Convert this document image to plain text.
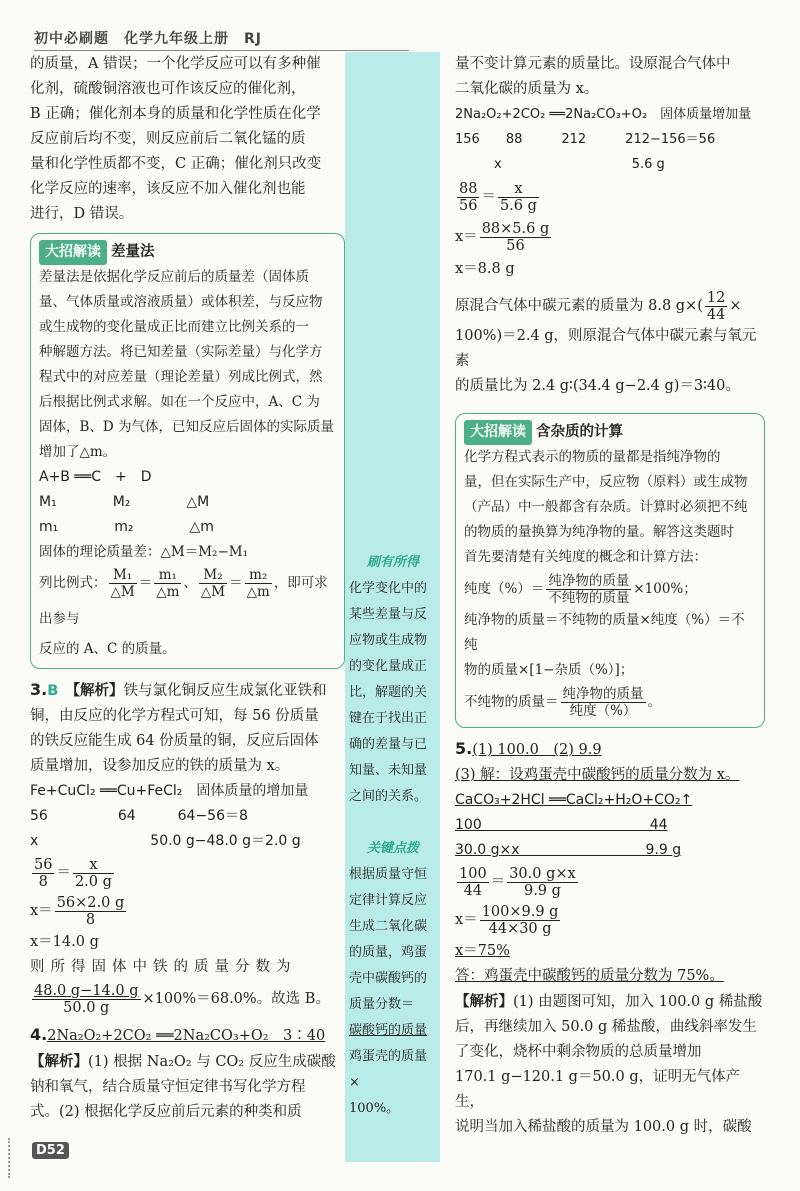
初中必刷题　化学九年级上册　RJ

的质量，A 错误；一个化学反应可以有多种催

化剂，硫酸铜溶液也可作该反应的催化剂，

B 正确；催化剂本身的质量和化学性质在化学

反应前后均不变，则反应前后二氧化锰的质

量和化学性质都不变，C 正确；催化剂只改变

化学反应的速率，该反应不加入催化剂也能

进行，D 错误。

大招解读 差量法

差量法是依据化学反应前后的质量差（固体质

量、气体质量或溶液质量）或体积差，与反应物

或生成物的变化量成正比而建立比例关系的一

种解题方法。将已知差量（实际差量）与化学方

程式中的对应差量（理论差量）列成比例式，然

后根据比例式求解。如在一个反应中，A、C 为

固体，B、D 为气体，已知反应后固体的实际质量

增加了△m。

A+B ══C　+　D

M₁　　　　M₂　　　　△M

m₁　　　　m₂　　　　△m

固体的理论质量差：△M＝M₂−M₁

列比例式： $\frac{\text{M₁}}{\triangle M} = \frac{\text{m₁}}{\triangle m}$ 、 $\frac{\text{M₂}}{\triangle M} = \frac{\text{m₂}}{\triangle m}$ ，即可求出参与

反应的 A、C 的质量。

3.B　 【解析】铁与氯化铜反应生成氯化亚铁和

铜，由反应的化学方程式可知，每 56 份质量

的铁反应能生成 64 份质量的铜，反应后固体

质量增加，设参加反应的铁的质量为 x。

Fe+CuCl₂ ══Cu+FeCl₂　固体质量的增加量

56　　　　　64　　　64−56＝8

x　　　　　　　　50.0 g−48.0 g＝2.0 g

$\frac{56}{8} = \frac{x}{2.0 g}$

$x= \frac{56\times 2.0 g}{8}$

x＝14.0 g

则所得固体中铁的质量分数为

$\frac{48.0 g-14.0 g}{50.0 g} \times 100\%=68.0\%$。故选 B。

4.2Na₂O₂+2CO₂ ══2Na₂CO₃+O₂　3∶40

【解析】(1) 根据 Na₂O₂ 与 CO₂ 反应生成碳酸

钠和氧气，结合质量守恒定律书写化学方程

式。(2) 根据化学反应前后元素的种类和质

刷有所得
化学变化中的
某些差量与反
应物或生成物
的变化量成正
比，解题的关
键在于找出正
确的差量与已
知量、未知量
之间的关系。
关键点拨
根据质量守恒
定律计算反应
生成二氧化碳
的质量，鸡蛋
壳中碳酸钙的
质量分数＝
碳酸钙的质量
鸡蛋壳的质量×
100%。

量不变计算元素的质量比。设原混合气体中

二氧化碳的质量为 x。

2Na₂O₂+2CO₂ ══2Na₂CO₃+O₂　固体质量增加量

156　　88　　　212　　　212−156＝56

　　　x　　　　　　　　　　5.6 g

$\frac{88}{56} = \frac{x}{5.6 g}$

$x= \frac{88\times 5.6 g}{56}$

x＝8.8 g

原混合气体中碳元素的质量为 8.8 $g\times( \frac{12}{44}$ ×

100%)＝2.4 g，则原混合气体中碳元素与氧元素

的质量比为 2.4 g∶(34.4 g−2.4 g)＝3∶40。

大招解读 含杂质的计算

化学方程式表示的物质的量都是指纯净物的

量，但在实际生产中，反应物（原料）或生成物

（产品）中一般都含有杂质。计算时必须把不纯

的物质的量换算为纯净物的量。解答这类题时

首先要清楚有关纯度的概念和计算方法：

纯度（%）＝ $\frac{\text{纯净物的质量}}{\text{不纯物的质量}} \times 100\%$；

纯净物的质量＝不纯物的质量×纯度（%）＝不纯

物的质量×[1−杂质（%）]；

不纯物的质量＝ $\frac{\text{纯净物的质量}}{\text{纯度（\%）}}$ 。

5.(1) 100.0　(2) 9.9

(3) 解：设鸡蛋壳中碳酸钙的质量分数为 x。

CaCO₃+2HCl ══CaCl₂+H₂O+CO₂↑

100　　　　　　　　　　　　44

30.0 g×x　　　　　　　　　9.9 g

$\frac{100}{44} = \frac{30.0 g\times x}{9.9 g}$

$x= \frac{100\times 9.9 g}{44\times 30 g}$

x＝75%

答：鸡蛋壳中碳酸钙的质量分数为 75%。

【解析】(1) 由题图可知，加入 100.0 g 稀盐酸

后，再继续加入 50.0 g 稀盐酸，曲线斜率发生

了变化，烧杯中剩余物质的总质量增加

170.1 g−120.1 g＝50.0 g，证明无气体产生，

说明当加入稀盐酸的质量为 100.0 g 时，碳酸

D52
